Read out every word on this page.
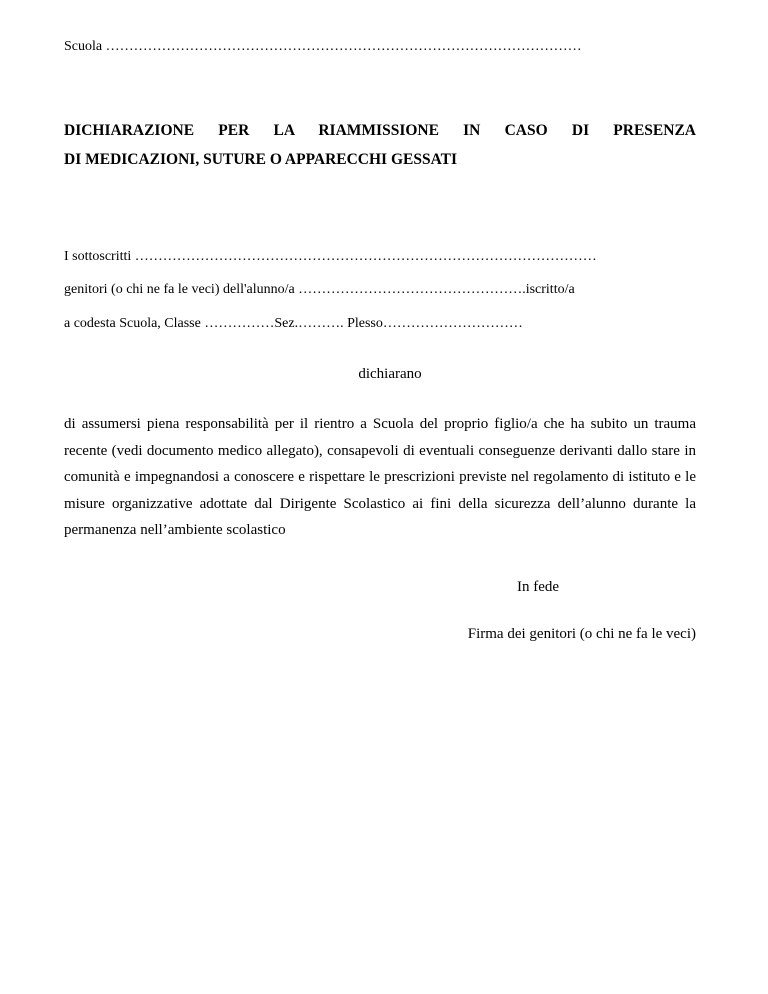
Scuola …………………………………………………………………………………………
DICHIARAZIONE PER LA RIAMMISSIONE IN CASO DI PRESENZA
DI MEDICAZIONI, SUTURE O APPARECCHI GESSATI
I sottoscritti ………………………………………………………………………………………
genitori (o chi ne fa le veci) dell'alunno/a ………………………………………….iscritto/a
a codesta Scuola, Classe ……………Sez.………. Plesso…………………………
dichiarano
di assumersi piena responsabilità per il rientro a Scuola del proprio figlio/a che ha subito un trauma recente (vedi documento medico allegato), consapevoli di eventuali conseguenze derivanti dallo stare in comunità e impegnandosi a conoscere e rispettare le prescrizioni previste nel regolamento di istituto e le misure organizzative adottate dal Dirigente Scolastico ai fini della sicurezza dell’alunno durante la permanenza nell’ambiente scolastico
In fede
Firma dei genitori (o chi ne fa le veci)
